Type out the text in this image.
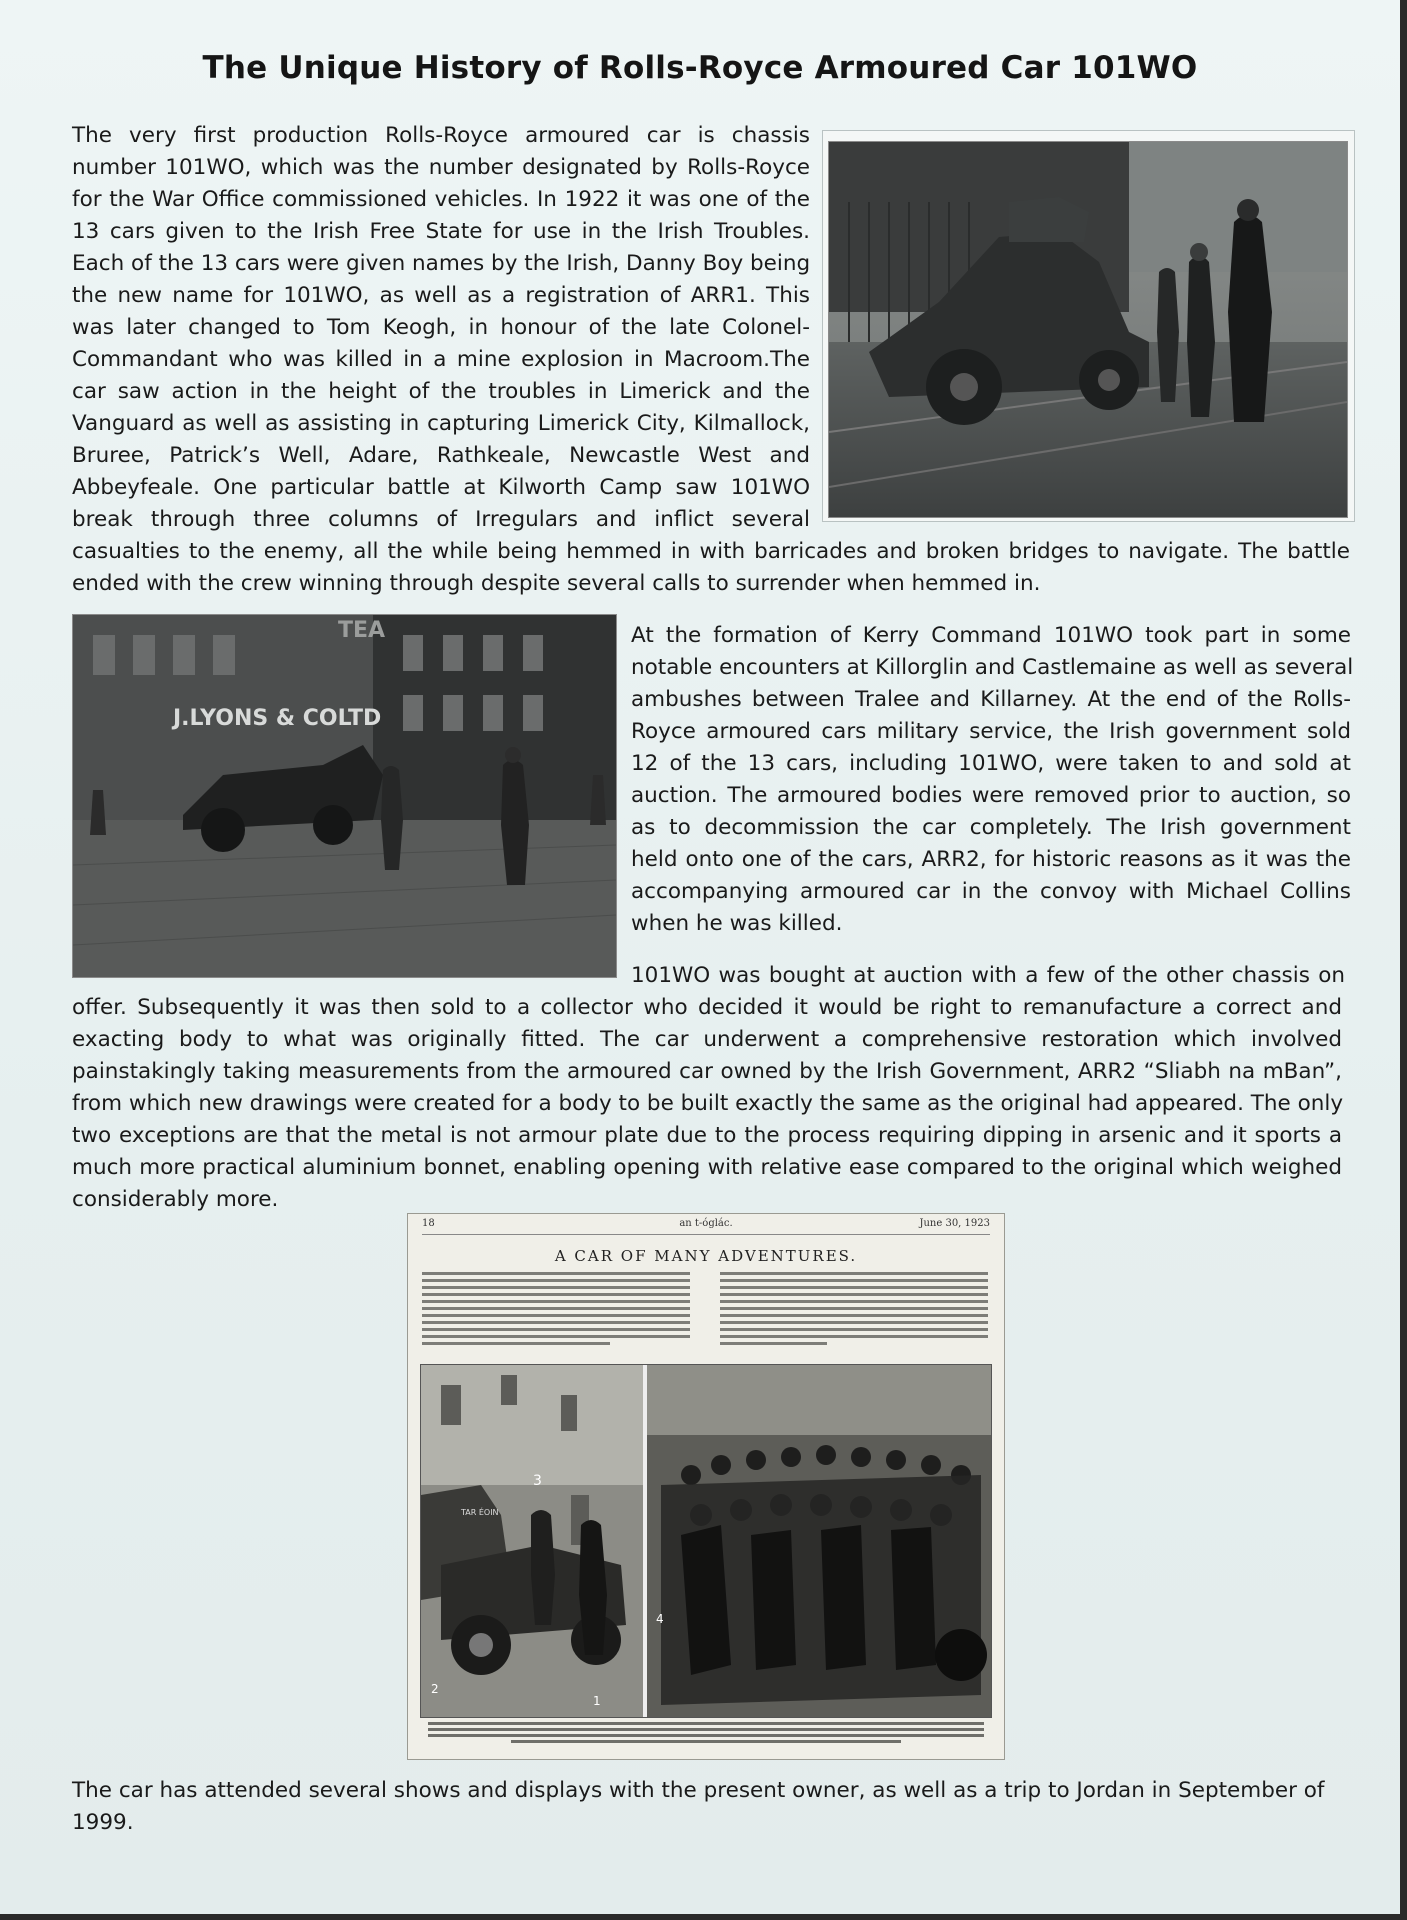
The Unique History of Rolls-Royce Armoured Car 101WO
The very first production Rolls-Royce armoured car is chassis
number 101WO, which was the number designated by Rolls-Royce
for the War Office commissioned vehicles. In 1922 it was one of the
13 cars given to the Irish Free State for use in the Irish Troubles.
Each of the 13 cars were given names by the Irish, Danny Boy being
the new name for 101WO, as well as a registration of ARR1. This
was later changed to Tom Keogh, in honour of the late Colonel-
Commandant who was killed in a mine explosion in Macroom.The
car saw action in the height of the troubles in Limerick and the
Vanguard as well as assisting in capturing Limerick City, Kilmallock,
Bruree, Patrick’s Well, Adare, Rathkeale, Newcastle West and
Abbeyfeale. One particular battle at Kilworth Camp saw 101WO
break through three columns of Irregulars and inflict several
casualties to the enemy, all the while being hemmed in with barricades and broken bridges to navigate. The battle
ended with the crew winning through despite several calls to surrender when hemmed in.
TEA
J.LYONS & COLTD
At the formation of Kerry Command 101WO took part in some
notable encounters at Killorglin and Castlemaine as well as several
ambushes between Tralee and Killarney. At the end of the Rolls-
Royce armoured cars military service, the Irish government sold
12 of the 13 cars, including 101WO, were taken to and sold at
auction. The armoured bodies were removed prior to auction, so
as to decommission the car completely. The Irish government
held onto one of the cars, ARR2, for historic reasons as it was the
accompanying armoured car in the convoy with Michael Collins
when he was killed.
101WO was bought at auction with a few of the other chassis on
offer. Subsequently it was then sold to a collector who decided it would be right to remanufacture a correct and
exacting body to what was originally fitted. The car underwent a comprehensive restoration which involved
painstakingly taking measurements from the armoured car owned by the Irish Government, ARR2 “Sliabh na mBan”,
from which new drawings were created for a body to be built exactly the same as the original had appeared. The only
two exceptions are that the metal is not armour plate due to the process requiring dipping in arsenic and it sports a
much more practical aluminium bonnet, enabling opening with relative ease compared to the original which weighed
considerably more.
18	an t-óglác.	June 30, 1923
A CAR OF MANY ADVENTURES.
TAR ÉOIN
3
2
1
4

The car has attended several shows and displays with the present owner, as well as a trip to Jordan in September of 1999.
